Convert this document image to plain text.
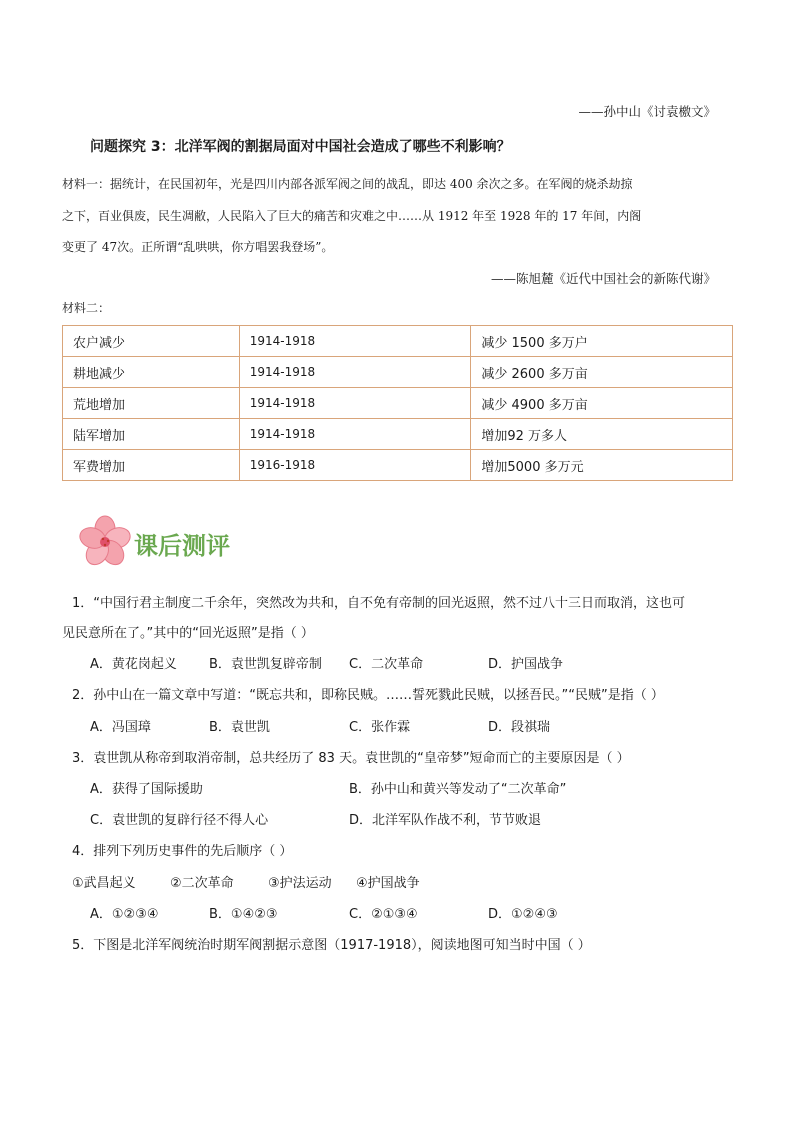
——孙中山《讨袁檄文》
问题探究 3：北洋军阀的割据局面对中国社会造成了哪些不利影响？
材料一：据统计，在民国初年，光是四川内部各派军阀之间的战乱，即达 400 余次之多。在军阀的烧杀劫掠
之下，百业俱废，民生凋敝，人民陷入了巨大的痛苦和灾难之中……从 1912 年至 1928 年的 17 年间，内阁
变更了 47次。正所谓“乱哄哄，你方唱罢我登场”。
——陈旭麓《近代中国社会的新陈代谢》
材料二：
农户减少	1914-1918	减少 1500 多万户
耕地减少	1914-1918	减少 2600 多万亩
荒地增加	1914-1918	减少 4900 多万亩
陆军增加	1914-1918	增加92 万多人
军费增加	1916-1918	增加5000 多万元
课后测评
1．“中国行君主制度二千余年，突然改为共和，自不免有帝制的回光返照，然不过八十三日而取消，这也可
见民意所在了。”其中的“回光返照”是指（ ）
A．黄花岗起义 B．袁世凯复辟帝制 C．二次革命	D．护国战争
2．孙中山在一篇文章中写道：“既忘共和，即称民贼。……誓死戮此民贼，以拯吾民。”“民贼”是指（ ）
A．冯国璋	B．袁世凯	C．张作霖	D．段祺瑞
3．袁世凯从称帝到取消帝制，总共经历了 83 天。袁世凯的“皇帝梦”短命而亡的主要原因是（ ）
A．获得了国际援助	B．孙中山和黄兴等发动了“二次革命”
C．袁世凯的复辟行径不得人心	D．北洋军队作战不利，节节败退
4．排列下列历史事件的先后顺序（ ）
①武昌起义	②二次革命	③护法运动 ④护国战争
A．①②③④	B．①④②③	C．②①③④	D．①②④③
5．下图是北洋军阀统治时期军阀割据示意图（1917-1918），阅读地图可知当时中国（ ）
